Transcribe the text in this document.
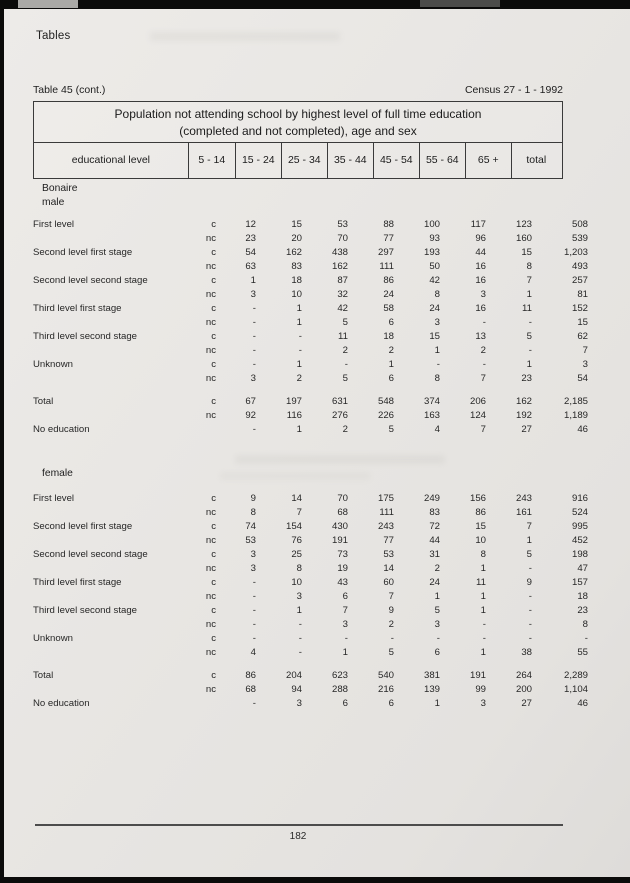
Tables
Table 45 (cont.)	Census 27 - 1 - 1992
Population not attending school by highest level of full time education
(completed and not completed), age and sex
educational level	5 - 14	15 - 24	25 - 34	35 - 44	45 - 54	55 - 64	65 +	total
Bonaire
male
First level	c	12	15	53	88	100	117	123	508
nc	23	20	70	77	93	96	160	539
Second level first stage	c	54	162	438	297	193	44	15	1,203
nc	63	83	162	111	50	16	8	493
Second level second stage	c	1	18	87	86	42	16	7	257
nc	3	10	32	24	8	3	1	81
Third level first stage	c	-	1	42	58	24	16	11	152
nc	-	1	5	6	3	-	-	15
Third level second stage	c	-	-	11	18	15	13	5	62
nc	-	-	2	2	1	2	-	7
Unknown	c	-	1	-	1	-	-	1	3
nc	3	2	5	6	8	7	23	54
Total	c	67	197	631	548	374	206	162	2,185
nc	92	116	276	226	163	124	192	1,189
No education	-	1	2	5	4	7	27	46
female
First level	c	9	14	70	175	249	156	243	916
nc	8	7	68	111	83	86	161	524
Second level first stage	c	74	154	430	243	72	15	7	995
nc	53	76	191	77	44	10	1	452
Second level second stage	c	3	25	73	53	31	8	5	198
nc	3	8	19	14	2	1	-	47
Third level first stage	c	-	10	43	60	24	11	9	157
nc	-	3	6	7	1	1	-	18
Third level second stage	c	-	1	7	9	5	1	-	23
nc	-	-	3	2	3	-	-	8
Unknown	c	-	-	-	-	-	-	-	-
nc	4	-	1	5	6	1	38	55
Total	c	86	204	623	540	381	191	264	2,289
nc	68	94	288	216	139	99	200	1,104
No education	-	3	6	6	1	3	27	46
182
